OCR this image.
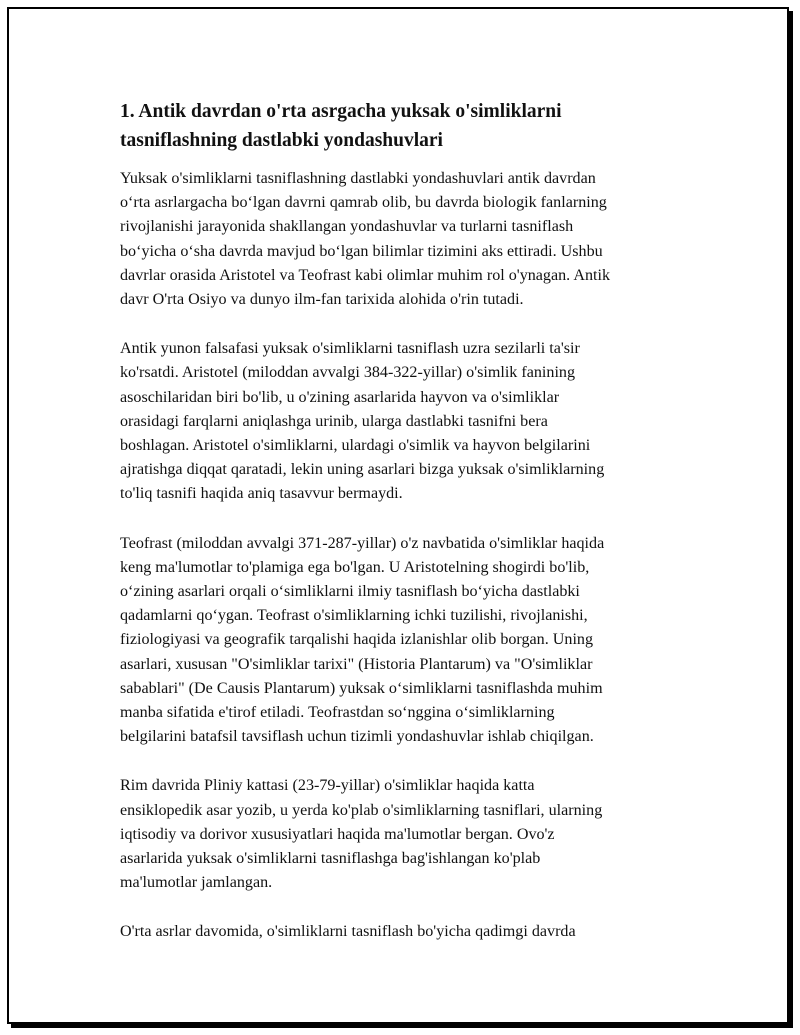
1. Antik davrdan o'rta asrgacha yuksak o'simliklarni
tasniflashning dastlabki yondashuvlari

Yuksak o'simliklarni tasniflashning dastlabki yondashuvlari antik davrdan
o‘rta asrlargacha bo‘lgan davrni qamrab olib, bu davrda biologik fanlarning
rivojlanishi jarayonida shakllangan yondashuvlar va turlarni tasniflash
bo‘yicha o‘sha davrda mavjud bo‘lgan bilimlar tizimini aks ettiradi. Ushbu
davrlar orasida Aristotel va Teofrast kabi olimlar muhim rol o'ynagan. Antik
davr O'rta Osiyo va dunyo ilm-fan tarixida alohida o'rin tutadi.

Antik yunon falsafasi yuksak o'simliklarni tasniflash uzra sezilarli ta'sir
ko'rsatdi. Aristotel (miloddan avvalgi 384-322-yillar) o'simlik fanining
asoschilaridan biri bo'lib, u o'zining asarlarida hayvon va o'simliklar
orasidagi farqlarni aniqlashga urinib, ularga dastlabki tasnifni bera
boshlagan. Aristotel o'simliklarni, ulardagi o'simlik va hayvon belgilarini
ajratishga diqqat qaratadi, lekin uning asarlari bizga yuksak o'simliklarning
to'liq tasnifi haqida aniq tasavvur bermaydi.

Teofrast (miloddan avvalgi 371-287-yillar) o'z navbatida o'simliklar haqida
keng ma'lumotlar to'plamiga ega bo'lgan. U Aristotelning shogirdi bo'lib,
o‘zining asarlari orqali o‘simliklarni ilmiy tasniflash bo‘yicha dastlabki
qadamlarni qo‘ygan. Teofrast o'simliklarning ichki tuzilishi, rivojlanishi,
fiziologiyasi va geografik tarqalishi haqida izlanishlar olib borgan. Uning
asarlari, xususan "O'simliklar tarixi" (Historia Plantarum) va "O'simliklar
sabablari" (De Causis Plantarum) yuksak o‘simliklarni tasniflashda muhim
manba sifatida e'tirof etiladi. Teofrastdan so‘nggina o‘simliklarning
belgilarini batafsil tavsiflash uchun tizimli yondashuvlar ishlab chiqilgan.

Rim davrida Pliniy kattasi (23-79-yillar) o'simliklar haqida katta
ensiklopedik asar yozib, u yerda ko'plab o'simliklarning tasniflari, ularning
iqtisodiy va dorivor xususiyatlari haqida ma'lumotlar bergan. Ovo'z
asarlarida yuksak o'simliklarni tasniflashga bag'ishlangan ko'plab
ma'lumotlar jamlangan.

O'rta asrlar davomida, o'simliklarni tasniflash bo'yicha qadimgi davrda
